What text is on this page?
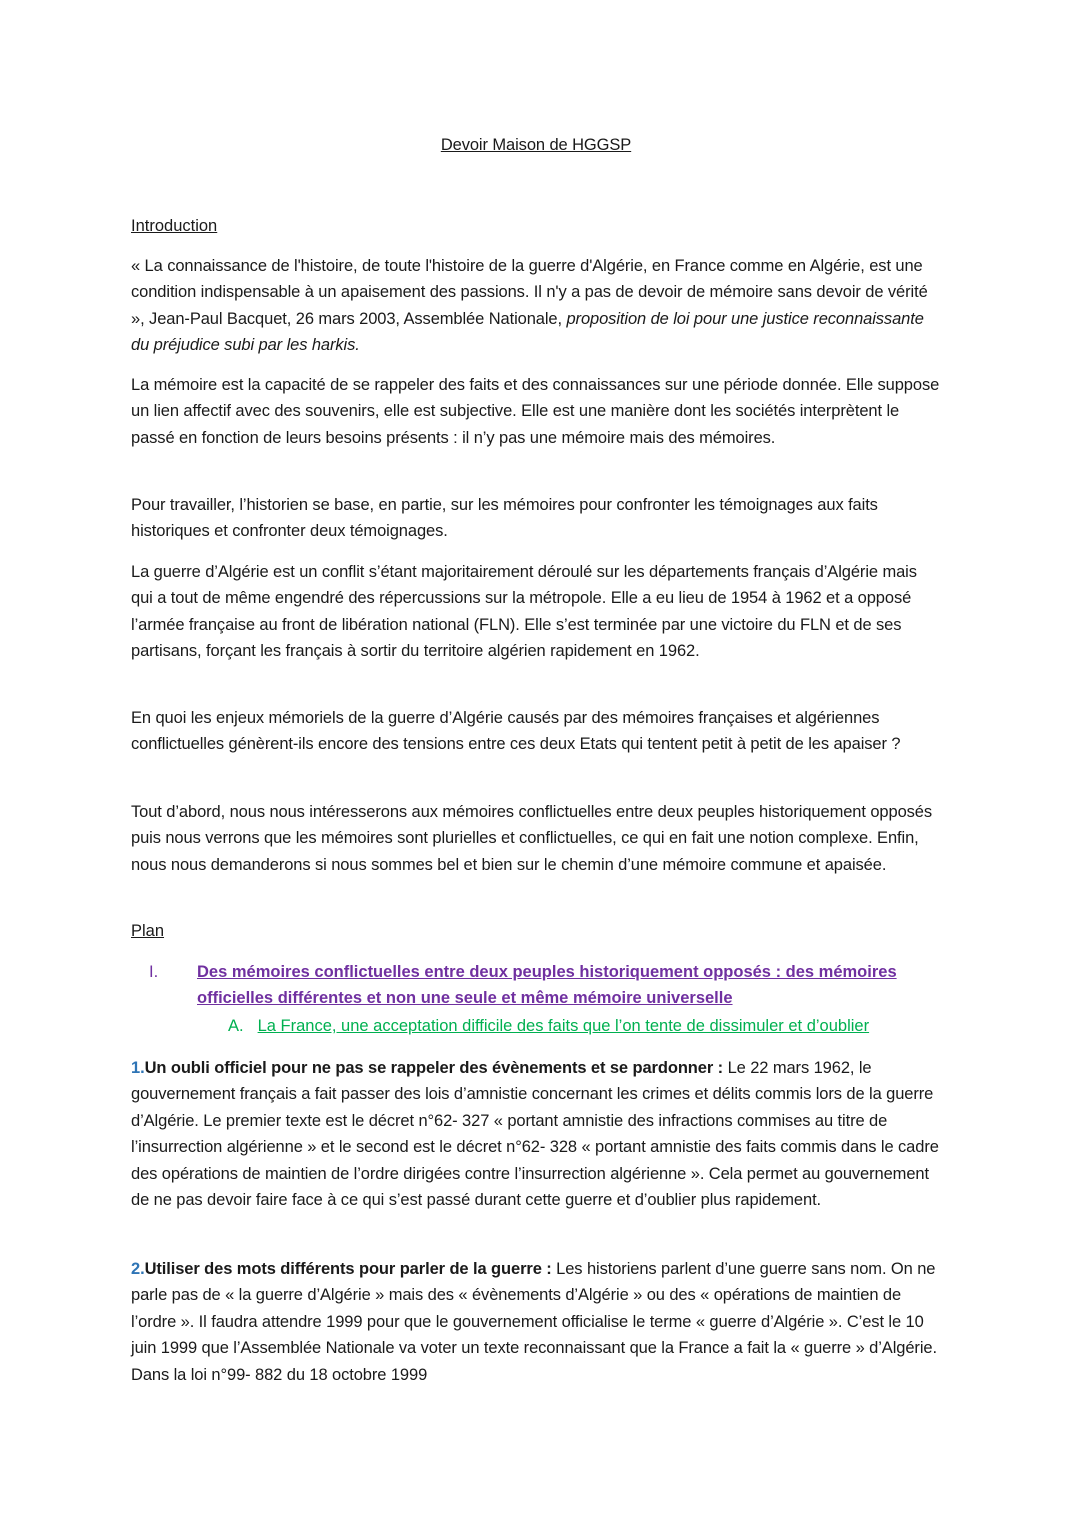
Devoir Maison de HGGSP
Introduction

« La connaissance de l'histoire, de toute l'histoire de la guerre d'Algérie, en France comme en Algérie, est une condition indispensable à un apaisement des passions. Il n'y a pas de devoir de mémoire sans devoir de vérité », Jean-Paul Bacquet, 26 mars 2003, Assemblée Nationale, proposition de loi pour une justice reconnaissante du préjudice subi par les harkis.

La mémoire est la capacité de se rappeler des faits et des connaissances sur une période donnée. Elle suppose un lien affectif avec des souvenirs, elle est subjective. Elle est une manière dont les sociétés interprètent le passé en fonction de leurs besoins présents : il n’y pas une mémoire mais des mémoires.

Pour travailler, l’historien se base, en partie, sur les mémoires pour confronter les témoignages aux faits historiques et confronter deux témoignages.

La guerre d’Algérie est un conflit s’étant majoritairement déroulé sur les départements français d’Algérie mais qui a tout de même engendré des répercussions sur la métropole. Elle a eu lieu de 1954 à 1962 et a opposé l’armée française au front de libération national (FLN). Elle s’est terminée par une victoire du FLN et de ses partisans, forçant les français à sortir du territoire algérien rapidement en 1962.

En quoi les enjeux mémoriels de la guerre d’Algérie causés par des mémoires françaises et algériennes conflictuelles génèrent-ils encore des tensions entre ces deux Etats qui tentent petit à petit de les apaiser ?

Tout d’abord, nous nous intéresserons aux mémoires conflictuelles entre deux peuples historiquement opposés puis nous verrons que les mémoires sont plurielles et conflictuelles, ce qui en fait une notion complexe. Enfin, nous nous demanderons si nous sommes bel et bien sur le chemin d’une mémoire commune et apaisée.

Plan
I. Des mémoires conflictuelles entre deux peuples historiquement opposés : des mémoires officielles différentes et non une seule et même mémoire universelle
A. La France, une acceptation difficile des faits que l’on tente de dissimuler et d’oublier

1.Un oubli officiel pour ne pas se rappeler des évènements et se pardonner : Le 22 mars 1962, le gouvernement français a fait passer des lois d’amnistie concernant les crimes et délits commis lors de la guerre d’Algérie. Le premier texte est le décret n°62- 327 « portant amnistie des infractions commises au titre de l’insurrection algérienne » et le second est le décret n°62- 328 « portant amnistie des faits commis dans le cadre des opérations de maintien de l’ordre dirigées contre l’insurrection algérienne ». Cela permet au gouvernement de ne pas devoir faire face à ce qui s’est passé durant cette guerre et d’oublier plus rapidement.

2.Utiliser des mots différents pour parler de la guerre : Les historiens parlent d’une guerre sans nom. On ne parle pas de « la guerre d’Algérie » mais des « évènements d’Algérie » ou des « opérations de maintien de l’ordre ». Il faudra attendre 1999 pour que le gouvernement officialise le terme « guerre d’Algérie ». C’est le 10 juin 1999 que l’Assemblée Nationale va voter un texte reconnaissant que la France a fait la « guerre » d’Algérie. Dans la loi n°99- 882 du 18 octobre 1999
